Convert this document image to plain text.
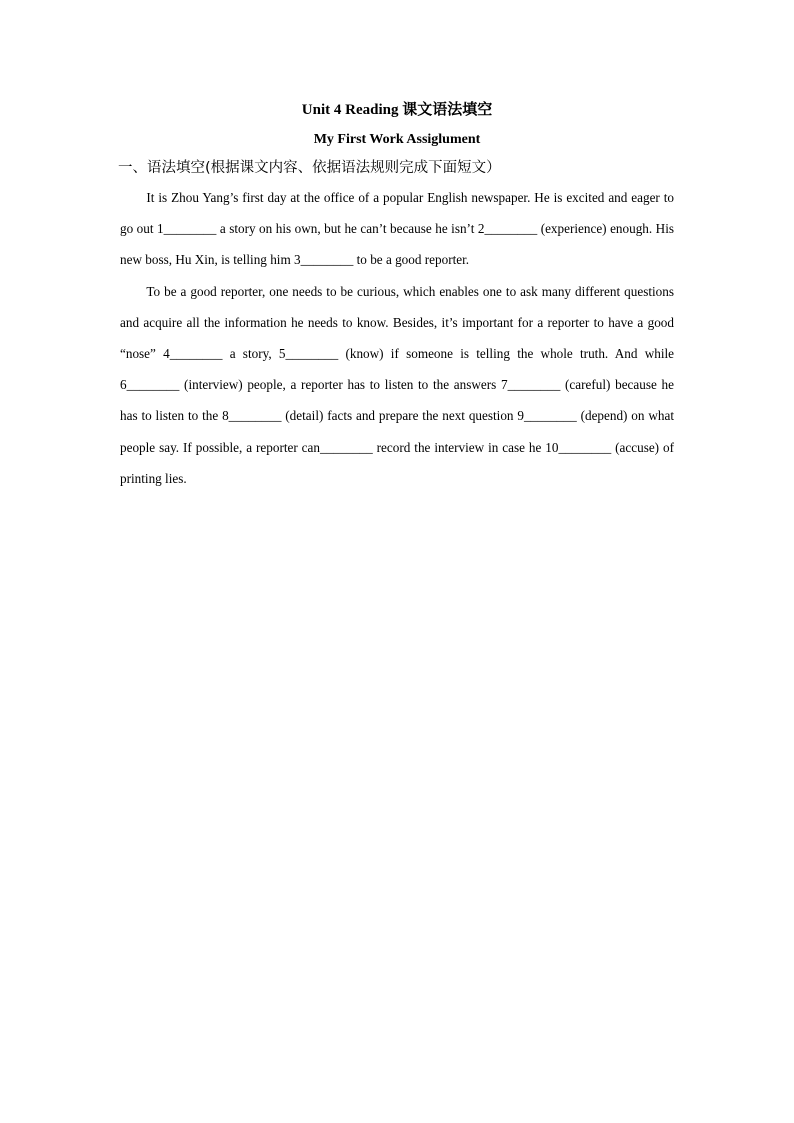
Unit 4 Reading 课文语法填空
My First Work Assiglument
一、语法填空(根据课文内容、依据语法规则完成下面短文）

It is Zhou Yang’s first day at the office of a popular English newspaper. He is excited and eager to go out 1________ a story on his own, but he can’t because he isn’t 2________ (experience) enough. His new boss, Hu Xin, is telling him 3________ to be a good reporter.

To be a good reporter, one needs to be curious, which enables one to ask many different questions and acquire all the information he needs to know. Besides, it’s important for a reporter to have a good “nose” 4________ a story, 5________ (know) if someone is telling the whole truth. And while 6________ (interview) people, a reporter has to listen to the answers 7________ (careful) because he has to listen to the 8________ (detail) facts and prepare the next question 9________ (depend) on what people say. If possible, a reporter can________ record the interview in case he 10________ (accuse) of printing lies.
